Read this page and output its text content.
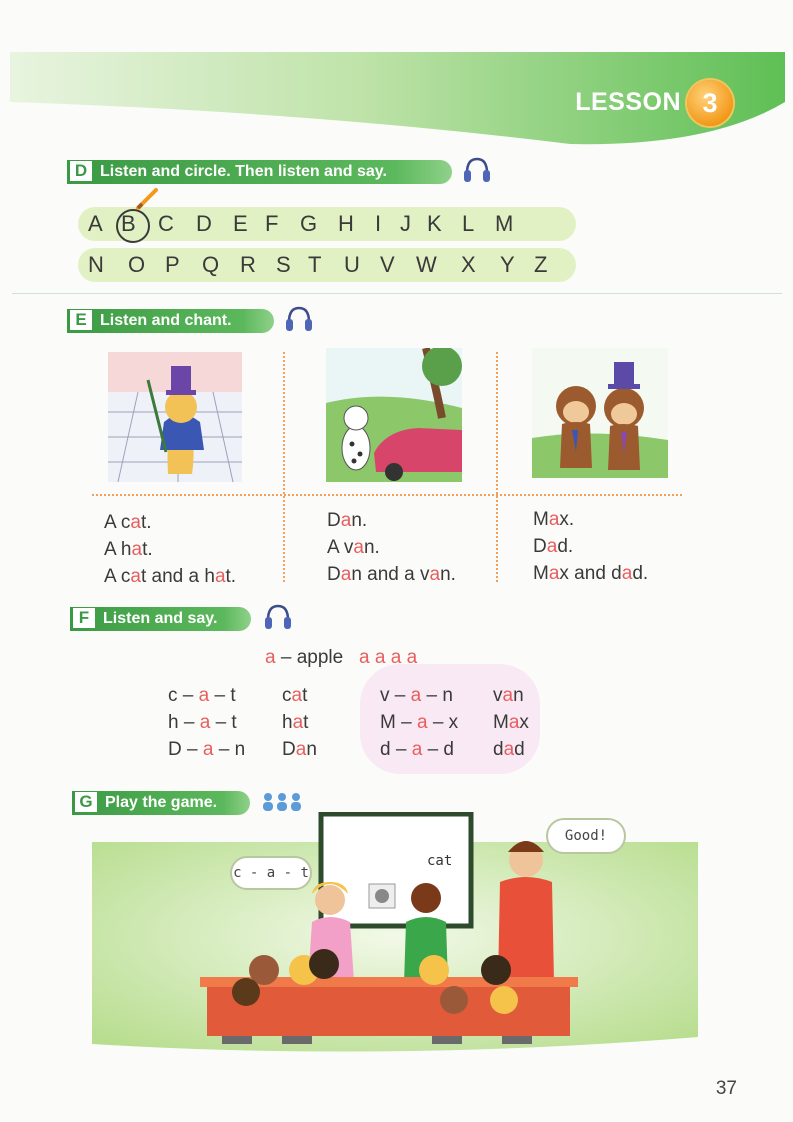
LESSON 3
D Listen and circle. Then listen and say.
A B C D E F G H I J K L M
N O P Q R S T U V W X Y Z
E Listen and chant.
A cat.
A hat.
A cat and a hat.
Dan.
A van.
Dan and a van.
Max.
Dad.
Max and dad.
F Listen and say.
a – apple a a a a
c – a – t
h – a – t
D – a – n
cat
hat
Dan
v – a – n
M – a – x
d – a – d
van
Max
dad
G Play the game.
cat
c - a - t
Good!
37
